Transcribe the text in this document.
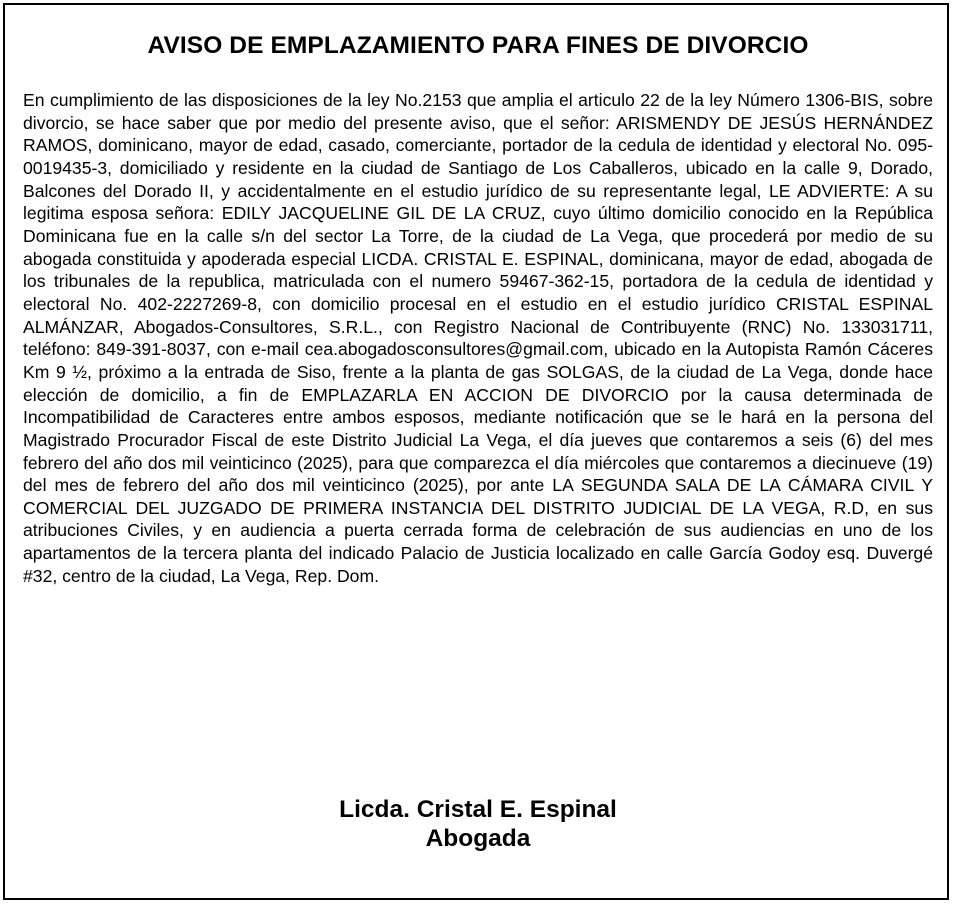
AVISO DE EMPLAZAMIENTO PARA FINES DE DIVORCIO

En cumplimiento de las disposiciones de la ley No.2153 que amplia el articulo 22 de la ley Número 1306-BIS, sobre divorcio, se hace saber que por medio del presente aviso, que el señor: ARISMENDY DE JESÚS HERNÁNDEZ RAMOS, dominicano, mayor de edad, casado, comerciante, portador de la cedula de identidad y electoral No. 095-0019435-3, domiciliado y residente en la ciudad de Santiago de Los Caballeros, ubicado en la calle 9, Dorado, Balcones del Dorado II, y accidentalmente en el estudio jurídico de su representante legal, LE ADVIERTE: A su legitima esposa señora: EDILY JACQUELINE GIL DE LA CRUZ, cuyo último domicilio conocido en la República Dominicana fue en la calle s/n del sector La Torre, de la ciudad de La Vega, que procederá por medio de su abogada constituida y apoderada especial LICDA. CRISTAL E. ESPINAL, dominicana, mayor de edad, abogada de los tribunales de la republica, matriculada con el numero 59467-362-15, portadora de la cedula de identidad y electoral No. 402-2227269-8, con domicilio procesal en el estudio en el estudio jurídico CRISTAL ESPINAL ALMÁNZAR, Abogados-Consultores, S.R.L., con Registro Nacional de Contribuyente (RNC) No. 133031711, teléfono: 849-391-8037, con e-mail cea.abogadosconsultores@gmail.com, ubicado en la Autopista Ramón Cáceres Km 9 ½, próximo a la entrada de Siso, frente a la planta de gas SOLGAS, de la ciudad de La Vega, donde hace elección de domicilio, a fin de EMPLAZARLA EN ACCION DE DIVORCIO por la causa determinada de Incompatibilidad de Caracteres entre ambos esposos, mediante notificación que se le hará en la persona del Magistrado Procurador Fiscal de este Distrito Judicial La Vega, el día jueves que contaremos a seis (6) del mes febrero del año dos mil veinticinco (2025), para que comparezca el día miércoles que contaremos a diecinueve (19) del mes de febrero del año dos mil veinticinco (2025), por ante LA SEGUNDA SALA DE LA CÁMARA CIVIL Y COMERCIAL DEL JUZGADO DE PRIMERA INSTANCIA DEL DISTRITO JUDICIAL DE LA VEGA, R.D, en sus atribuciones Civiles, y en audiencia a puerta cerrada forma de celebración de sus audiencias en uno de los apartamentos de la tercera planta del indicado Palacio de Justicia localizado en calle García Godoy esq. Duvergé #32, centro de la ciudad, La Vega, Rep. Dom.

Licda. Cristal E. Espinal
Abogada
